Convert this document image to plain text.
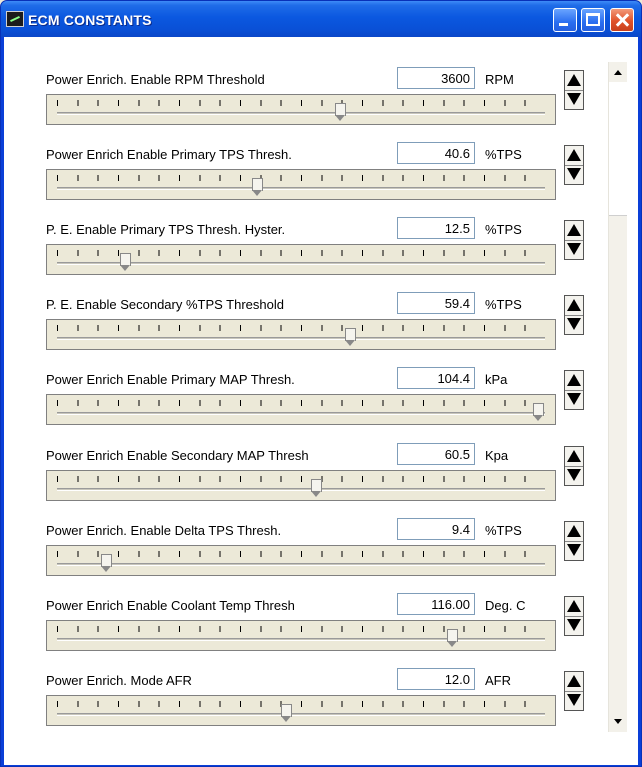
ECM CONSTANTS
Power Enrich. Enable RPM Threshold	3600	RPM
Power Enrich Enable Primary TPS Thresh.	40.6	%TPS
P. E. Enable Primary TPS Thresh. Hyster.	12.5	%TPS
P. E. Enable Secondary %TPS Threshold	59.4	%TPS
Power Enrich Enable Primary MAP Thresh.	104.4	kPa
Power Enrich Enable Secondary MAP Thresh	60.5	Kpa
Power Enrich. Enable Delta TPS Thresh.	9.4	%TPS
Power Enrich Enable Coolant Temp Thresh	116.00	Deg. C
Power Enrich. Mode AFR	12.0	AFR
